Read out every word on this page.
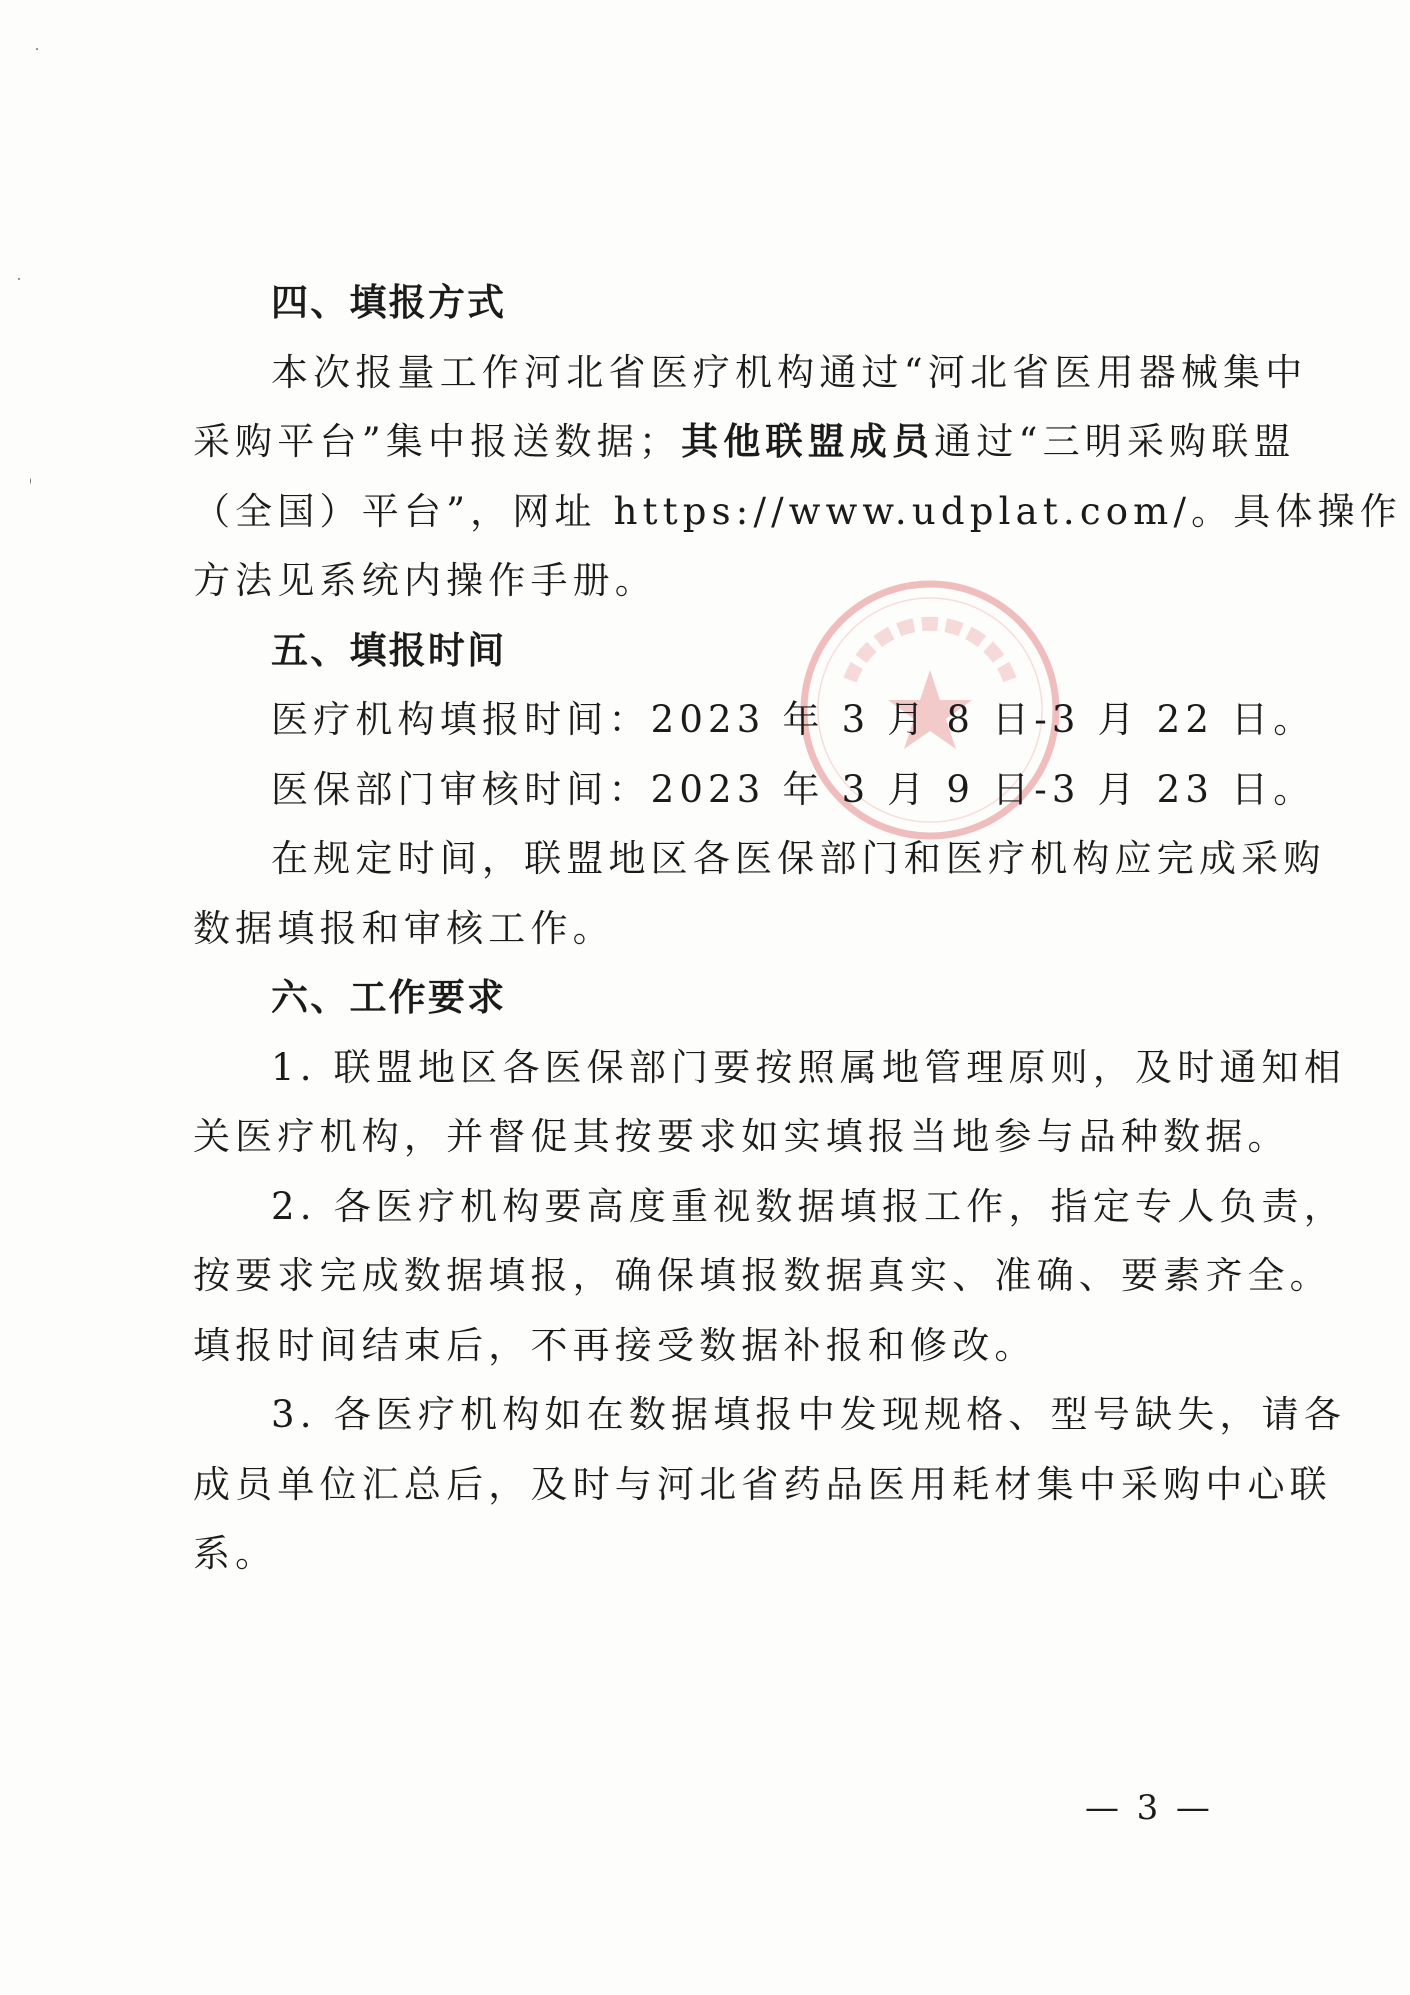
四、填报方式
本次报量工作河北省医疗机构通过“河北省医用器械集中
采购平台”集中报送数据；其他联盟成员通过“三明采购联盟
（全国）平台”，网址 https://www.udplat.com/。具体操作
方法见系统内操作手册。
五、填报时间
医疗机构填报时间：2023 年 3 月 8 日-3 月 22 日。
医保部门审核时间：2023 年 3 月 9 日-3 月 23 日。
在规定时间，联盟地区各医保部门和医疗机构应完成采购
数据填报和审核工作。
六、工作要求
1. 联盟地区各医保部门要按照属地管理原则，及时通知相
关医疗机构，并督促其按要求如实填报当地参与品种数据。
2. 各医疗机构要高度重视数据填报工作，指定专人负责，
按要求完成数据填报，确保填报数据真实、准确、要素齐全。
填报时间结束后，不再接受数据补报和修改。
3. 各医疗机构如在数据填报中发现规格、型号缺失，请各
成员单位汇总后，及时与河北省药品医用耗材集中采购中心联
系。
— 3 —
